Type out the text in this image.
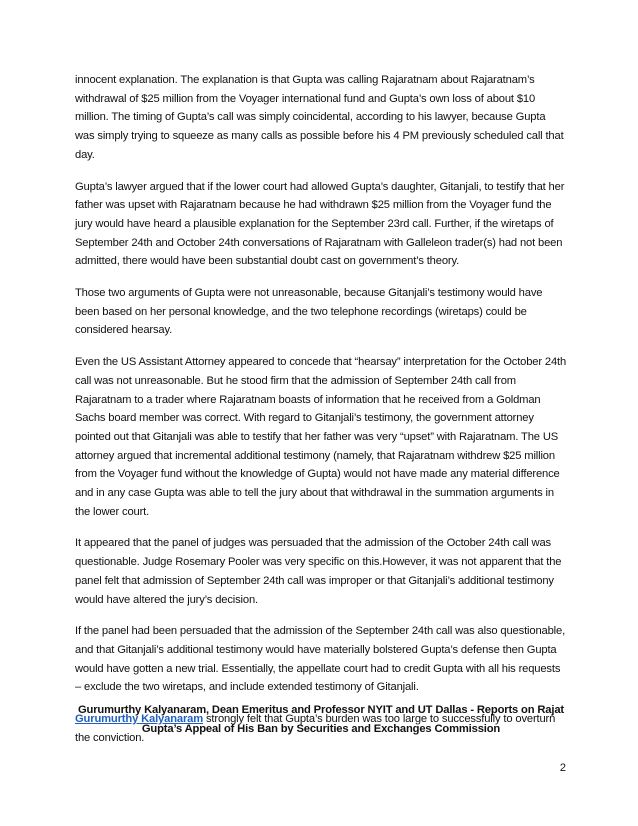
innocent explanation. The explanation is that Gupta was calling Rajaratnam about Rajaratnam’s withdrawal of $25 million from the Voyager international fund and Gupta’s own loss of about $10 million. The timing of Gupta’s call was simply coincidental, according to his lawyer, because Gupta was simply trying to squeeze as many calls as possible before his 4 PM previously scheduled call that day.

Gupta’s lawyer argued that if the lower court had allowed Gupta’s daughter, Gitanjali, to testify that her father was upset with Rajaratnam because he had withdrawn $25 million from the Voyager fund the jury would have heard a plausible explanation for the September 23rd call. Further, if the wiretaps of September 24th and October 24th conversations of Rajaratnam with Galleleon trader(s) had not been admitted, there would have been substantial doubt cast on government’s theory.

Those two arguments of Gupta were not unreasonable, because Gitanjali’s testimony would have been based on her personal knowledge, and the two telephone recordings (wiretaps) could be considered hearsay.

Even the US Assistant Attorney appeared to concede that “hearsay” interpretation for the October 24th call was not unreasonable. But he stood firm that the admission of September 24th call from Rajaratnam to a trader where Rajaratnam boasts of information that he received from a Goldman Sachs board member was correct. With regard to Gitanjali’s testimony, the government attorney pointed out that Gitanjali was able to testify that her father was very “upset” with Rajaratnam. The US attorney argued that incremental additional testimony (namely, that Rajaratnam withdrew $25 million from the Voyager fund without the knowledge of Gupta) would not have made any material difference and in any case Gupta was able to tell the jury about that withdrawal in the summation arguments in the lower court.

It appeared that the panel of judges was persuaded that the admission of the October 24th call was questionable. Judge Rosemary Pooler was very specific on this.However, it was not apparent that the panel felt that admission of September 24th call was improper or that Gitanjali’s additional testimony would have altered the jury’s decision.

If the panel had been persuaded that the admission of the September 24th call was also questionable, and that Gitanjali’s additional testimony would have materially bolstered Gupta’s defense then Gupta would have gotten a new trial. Essentially, the appellate court had to credit Gupta with all his requests – exclude the two wiretaps, and include extended testimony of Gitanjali.

Gurumurthy Kalyanaram strongly felt that Gupta’s burden was too large to successfully to overturn the conviction.

Gurumurthy Kalyanaram, Dean Emeritus and Professor NYIT and UT Dallas - Reports on Rajat
Gupta’s Appeal of His Ban by Securities and Exchanges Commission
2
